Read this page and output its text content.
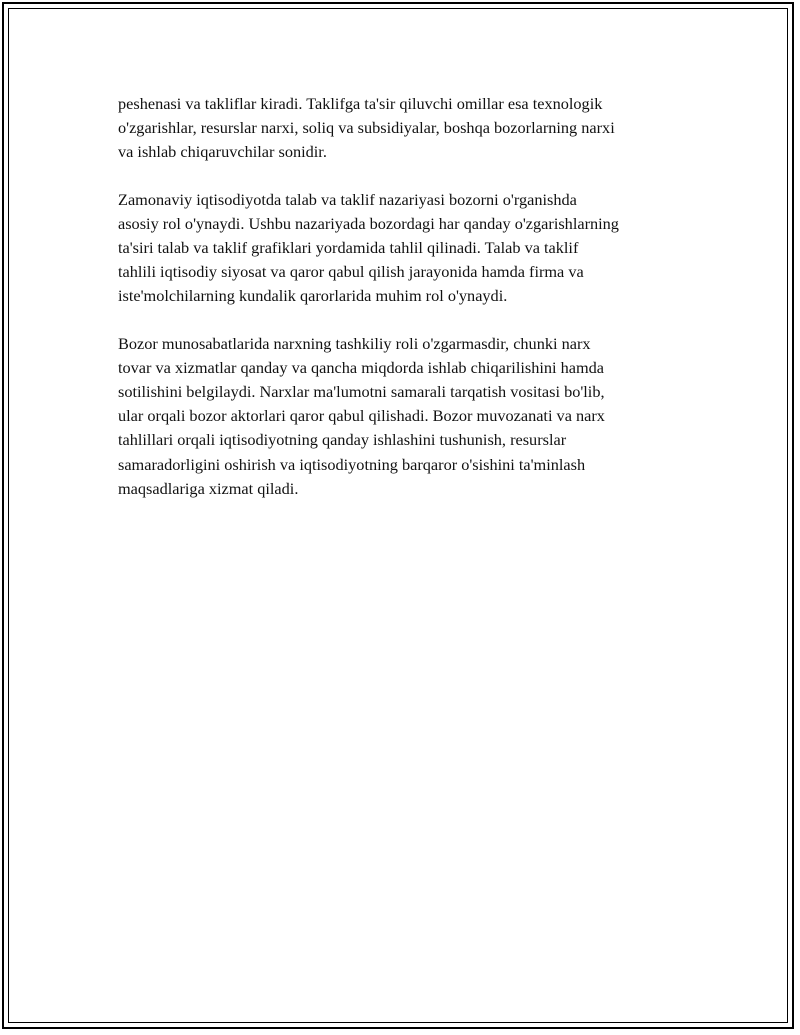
peshenasi va takliflar kiradi. Taklifga ta'sir qiluvchi omillar esa texnologik
o'zgarishlar, resurslar narxi, soliq va subsidiyalar, boshqa bozorlarning narxi
va ishlab chiqaruvchilar sonidir.

Zamonaviy iqtisodiyotda talab va taklif nazariyasi bozorni o'rganishda
asosiy rol o'ynaydi. Ushbu nazariyada bozordagi har qanday o'zgarishlarning
ta'siri talab va taklif grafiklari yordamida tahlil qilinadi. Talab va taklif
tahlili iqtisodiy siyosat va qaror qabul qilish jarayonida hamda firma va
iste'molchilarning kundalik qarorlarida muhim rol o'ynaydi.

Bozor munosabatlarida narxning tashkiliy roli o'zgarmasdir, chunki narx
tovar va xizmatlar qanday va qancha miqdorda ishlab chiqarilishini hamda
sotilishini belgilaydi. Narxlar ma'lumotni samarali tarqatish vositasi bo'lib,
ular orqali bozor aktorlari qaror qabul qilishadi. Bozor muvozanati va narx
tahlillari orqali iqtisodiyotning qanday ishlashini tushunish, resurslar
samaradorligini oshirish va iqtisodiyotning barqaror o'sishini ta'minlash
maqsadlariga xizmat qiladi.
